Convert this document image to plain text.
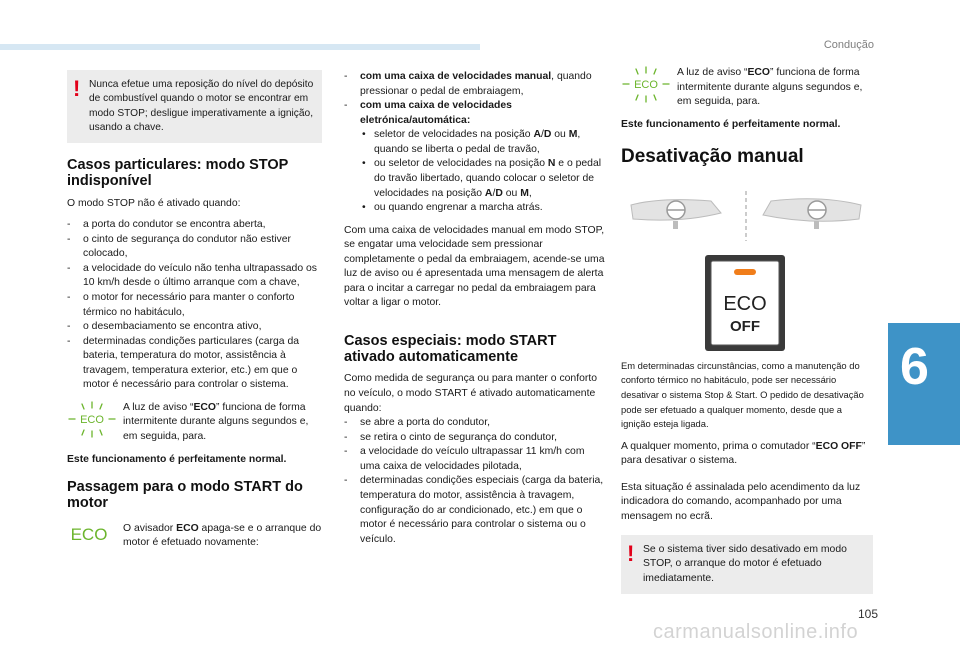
Condução
6
105
carmanualsonline.info
! Nunca efetue uma reposição do nível do depósito de combustível quando o motor se encontrar em modo STOP; desligue imperativamente a ignição, usando a chave.
Casos particulares: modo STOP indisponível

O modo STOP não é ativado quando:

- a porta do condutor se encontra aberta,
- o cinto de segurança do condutor não estiver colocado,
- a velocidade do veículo não tenha ultrapassado os 10 km/h desde o último arranque com a chave,
- o motor for necessário para manter o conforto térmico no habitáculo,
- o desembaciamento se encontra ativo,
- determinadas condições particulares (carga da bateria, temperatura do motor, assistência à travagem, temperatura exterior, etc.) em que o motor é necessário para controlar o sistema.
ECO
A luz de aviso “ECO” funciona de forma intermitente durante alguns segundos e, em seguida, para.

Este funcionamento é perfeitamente normal.

Passagem para o modo START do motor
ECO O avisador ECO apaga-se e o arranque do motor é efetuado novamente:
- com uma caixa de velocidades manual, quando pressionar o pedal de embraiagem,
- com uma caixa de velocidades eletrónica/automática:
• seletor de velocidades na posição A/D ou M, quando se liberta o pedal de travão,
• ou seletor de velocidades na posição N e o pedal do travão libertado, quando colocar o seletor de velocidades na posição A/D ou M,
• ou quando engrenar a marcha atrás.

Com uma caixa de velocidades manual em modo STOP, se engatar uma velocidade sem pressionar completamente o pedal da embraiagem, acende-se uma luz de aviso ou é apresentada uma mensagem de alerta para o incitar a carregar no pedal da embraiagem para voltar a ligar o motor.

Casos especiais: modo START ativado automaticamente

Como medida de segurança ou para manter o conforto no veículo, o modo START é ativado automaticamente quando:

- se abre a porta do condutor,
- se retira o cinto de segurança do condutor,
- a velocidade do veículo ultrapassar 11 km/h com uma caixa de velocidades pilotada,
- determinadas condições especiais (carga da bateria, temperatura do motor, assistência à travagem, configuração do ar condicionado, etc.) em que o motor é necessário para controlar o sistema ou o veículo.
ECO
A luz de aviso “ECO” funciona de forma intermitente durante alguns segundos e, em seguida, para.

Este funcionamento é perfeitamente normal.

Desativação manual
ECO
OFF

Em determinadas circunstâncias, como a manutenção do conforto térmico no habitáculo, pode ser necessário desativar o sistema Stop & Start. O pedido de desativação pode ser efetuado a qualquer momento, desde que a ignição esteja ligada.

A qualquer momento, prima o comutador “ECO OFF” para desativar o sistema.

Esta situação é assinalada pelo acendimento da luz indicadora do comando, acompanhado por uma mensagem no ecrã.

! Se o sistema tiver sido desativado em modo STOP, o arranque do motor é efetuado imediatamente.
